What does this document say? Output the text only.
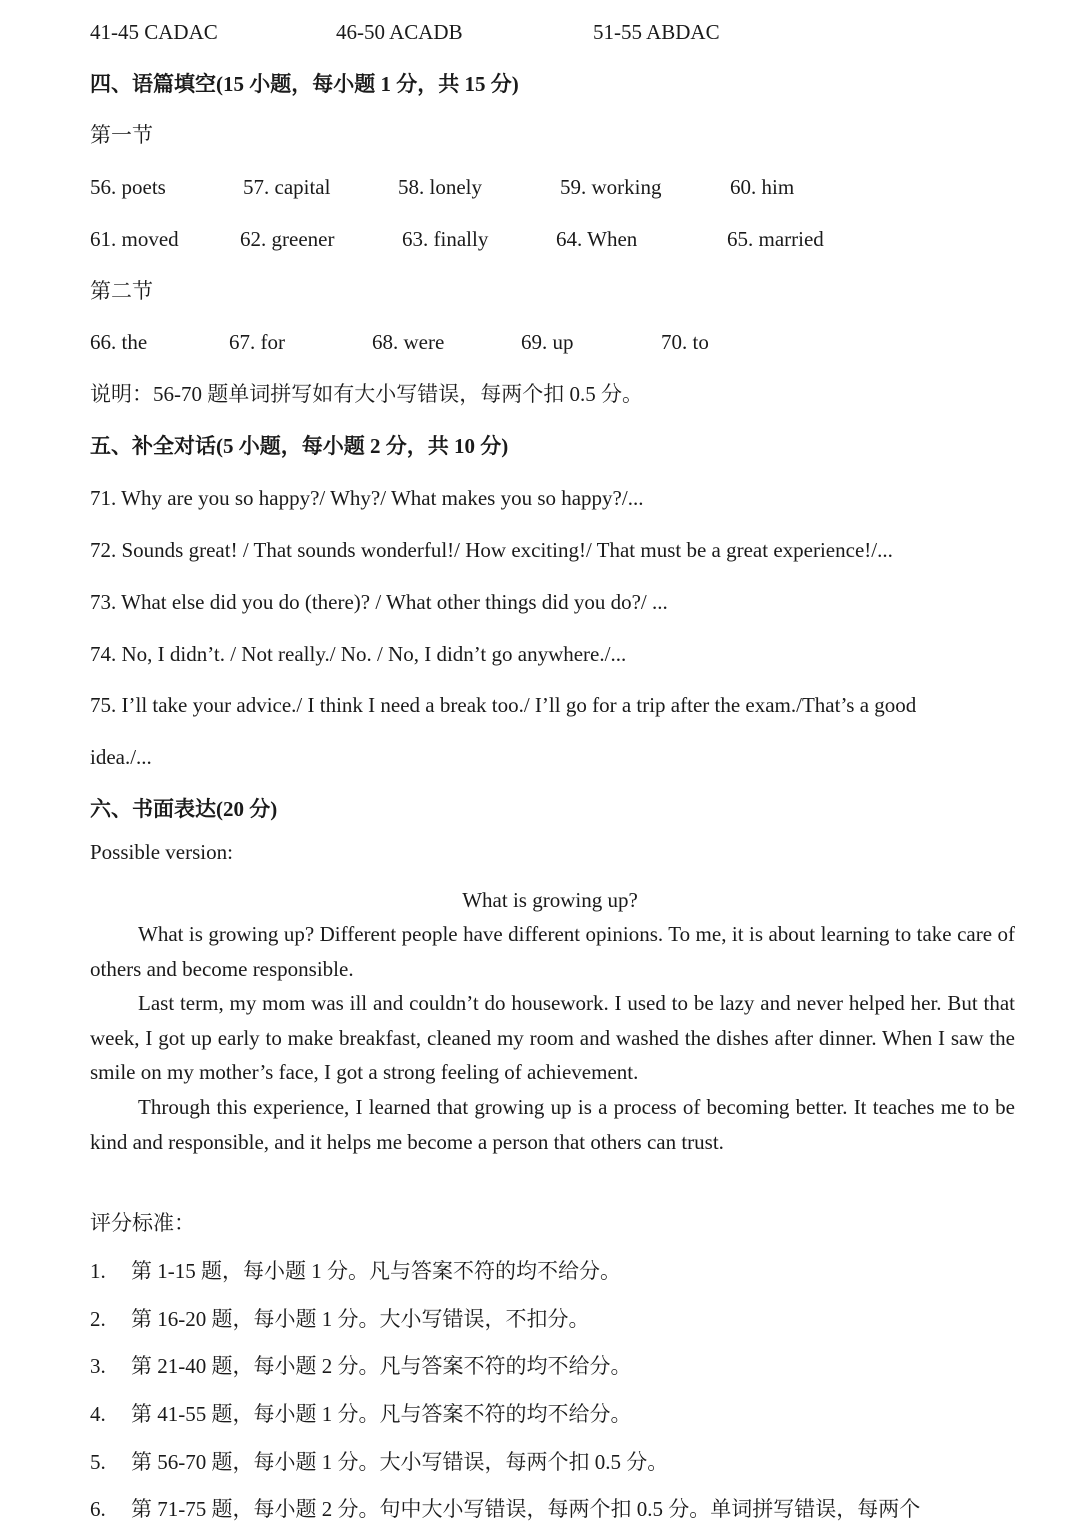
41-45 CADAC	46-50 ACADB	51-55 ABDAC
四、语篇填空(15 小题，每小题 1 分，共 15 分)
第一节
56. poets	57. capital	58. lonely	59. working	60. him
61. moved	62. greener	63. finally	64. When	65. married
第二节
66. the	67. for	68. were	69. up	70. to
说明：56-70 题单词拼写如有大小写错误，每两个扣 0.5 分。
五、补全对话(5 小题，每小题 2 分，共 10 分)
71. Why are you so happy?/ Why?/ What makes you so happy?/...
72. Sounds great! / That sounds wonderful!/ How exciting!/ That must be a great experience!/...
73. What else did you do (there)? / What other things did you do?/ ...
74. No, I didn’t. / Not really./ No. / No, I didn’t go anywhere./...
75. I’ll take your advice./ I think I need a break too./ I’ll go for a trip after the exam./That’s a good
idea./...
六、书面表达(20 分)
Possible version:
What is growing up?
What is growing up? Different people have different opinions. To me, it is about learning to take care of others and become responsible.
Last term, my mom was ill and couldn’t do housework. I used to be lazy and never helped her. But that week, I got up early to make breakfast, cleaned my room and washed the dishes after dinner. When I saw the smile on my mother’s face, I got a strong feeling of achievement.
Through this experience, I learned that growing up is a process of becoming better. It teaches me to be kind and responsible, and it helps me become a person that others can trust.
评分标准：
1. 第 1-15 题，每小题 1 分。凡与答案不符的均不给分。
2. 第 16-20 题，每小题 1 分。大小写错误，不扣分。
3. 第 21-40 题，每小题 2 分。凡与答案不符的均不给分。
4. 第 41-55 题，每小题 1 分。凡与答案不符的均不给分。
5. 第 56-70 题，每小题 1 分。大小写错误，每两个扣 0.5 分。
6. 第 71-75 题，每小题 2 分。句中大小写错误，每两个扣 0.5 分。单词拼写错误，每两个
